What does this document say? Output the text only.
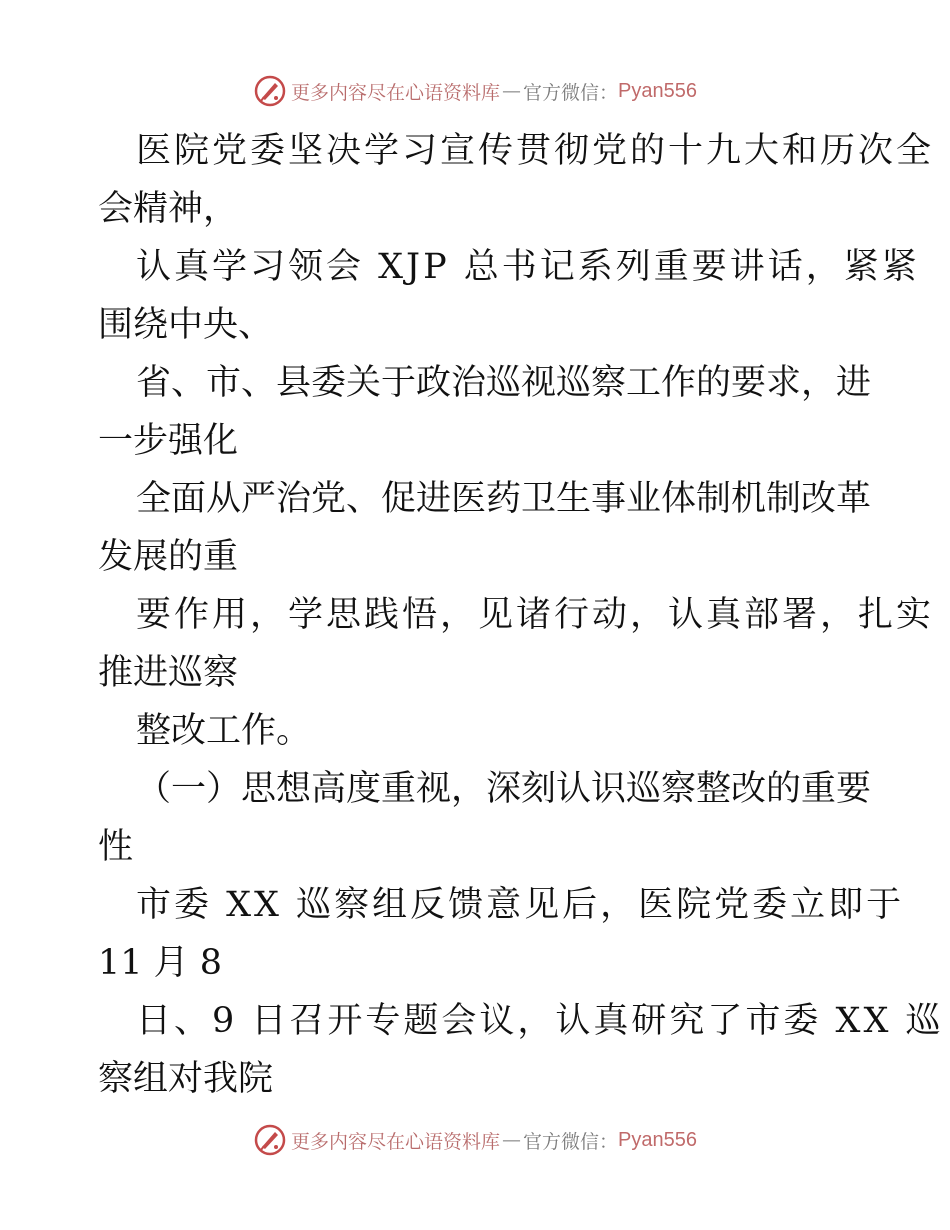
更多内容尽在心语资料库 — 官方微信： Pyan556
医院党委坚决学习宣传贯彻党的十九大和历次全
会精神，
认真学习领会 XJP 总书记系列重要讲话，紧紧
围绕中央、
省、市、县委关于政治巡视巡察工作的要求，进
一步强化
全面从严治党、促进医药卫生事业体制机制改革
发展的重
要作用，学思践悟，见诸行动，认真部署，扎实
推进巡察
整改工作。
（一）思想高度重视，深刻认识巡察整改的重要
性
市委 XX 巡察组反馈意见后，医院党委立即于
11 月 8
日、9 日召开专题会议，认真研究了市委 XX 巡
察组对我院
更多内容尽在心语资料库 — 官方微信： Pyan556
